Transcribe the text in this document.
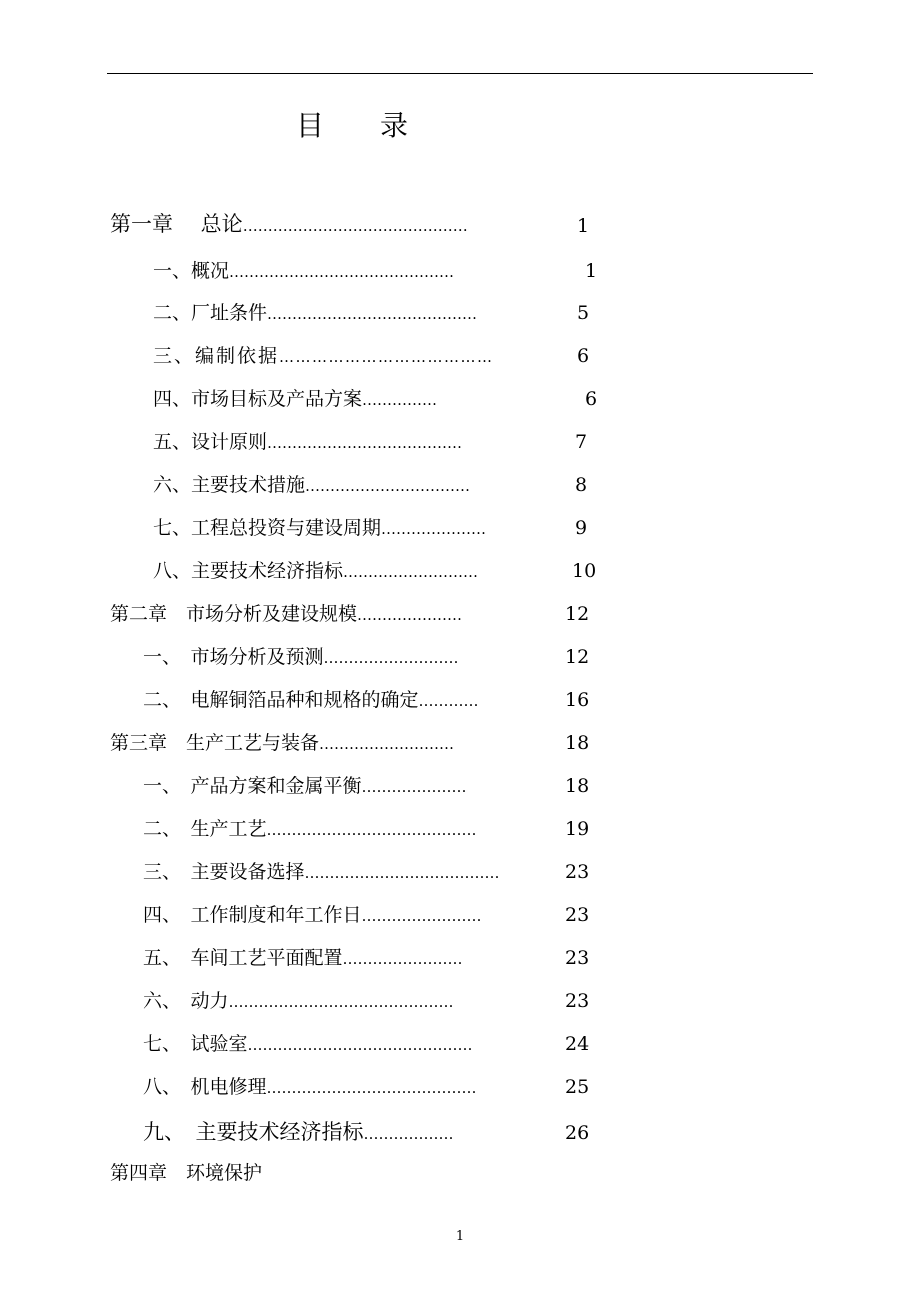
目　　录
第一章　 总论………………………………………	1
一、概况………………………………………	1
二、厂址条件……………………………………	5
三、编制依据…………………………………	6
四、市场目标及产品方案……………	6
五、设计原则…………………………………	7
六、主要技术措施……………………………	8
七、工程总投资与建设周期…………………	9
八、主要技术经济指标………………………	10
第二章　市场分析及建设规模…………………	12
一、　市场分析及预测………………………	12
二、　电解铜箔品种和规格的确定…………	16
第三章　生产工艺与装备………………………	18
一、　产品方案和金属平衡…………………	18
二、　生产工艺……………………………………	19
三、　主要设备选择…………………………………	23
四、　工作制度和年工作日……………………	23
五、　车间工艺平面配置……………………	23
六、　动力………………………………………	23
七、　试验室………………………………………	24
八、　机电修理……………………………………	25
九、　主要技术经济指标………………	26
第四章　环境保护
1
